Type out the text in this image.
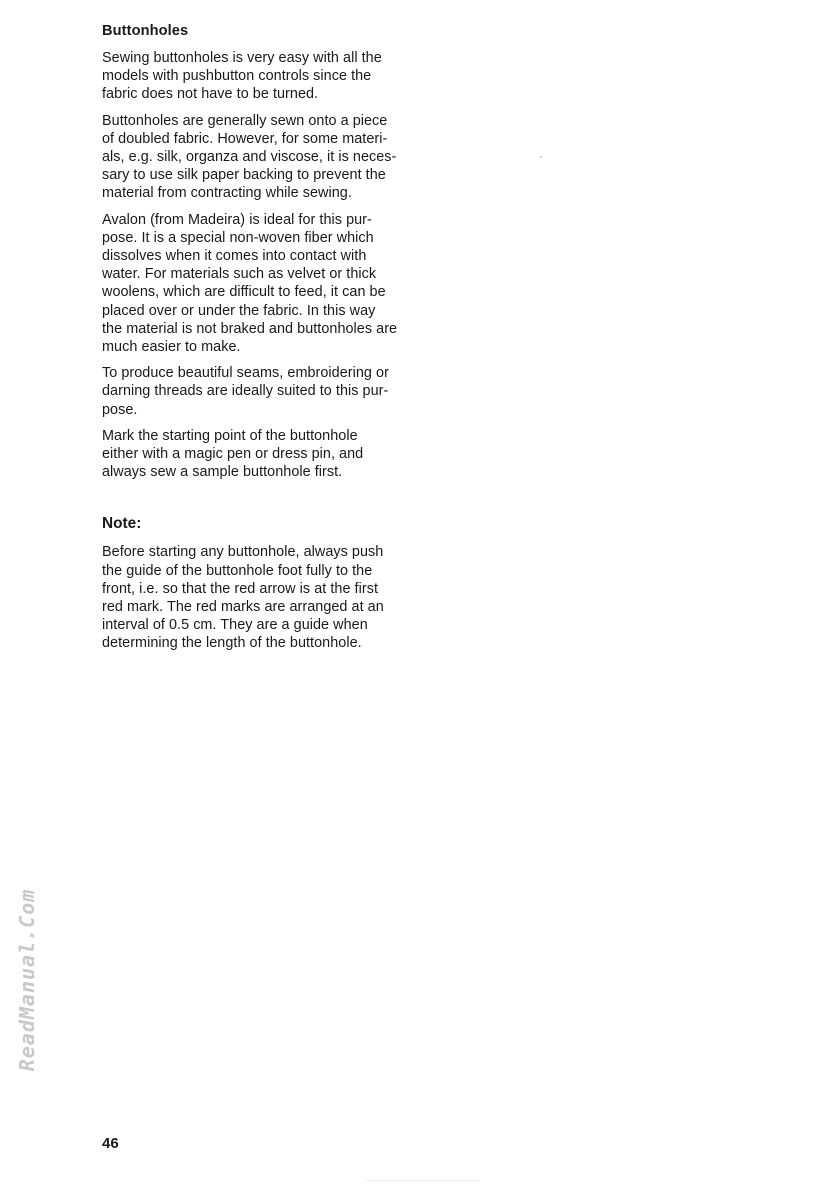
Buttonholes
Sewing buttonholes is very easy with all the
models with pushbutton controls since the
fabric does not have to be turned.
Buttonholes are generally sewn onto a piece
of doubled fabric. However, for some materi-
als, e.g. silk, organza and viscose, it is neces-
sary to use silk paper backing to prevent the
material from contracting while sewing.
Avalon (from Madeira) is ideal for this pur-
pose. It is a special non-woven fiber which
dissolves when it comes into contact with
water. For materials such as velvet or thick
woolens, which are difficult to feed, it can be
placed over or under the fabric. In this way
the material is not braked and buttonholes are
much easier to make.
To produce beautiful seams, embroidering or
darning threads are ideally suited to this pur-
pose.
Mark the starting point of the buttonhole
either with a magic pen or dress pin, and
always sew a sample buttonhole first.
Note:
Before starting any buttonhole, always push
the guide of the buttonhole foot fully to the
front, i.e. so that the red arrow is at the first
red mark. The red marks are arranged at an
interval of 0.5 cm. They are a guide when
determining the length of the buttonhole.
ReadManual.Com
46
